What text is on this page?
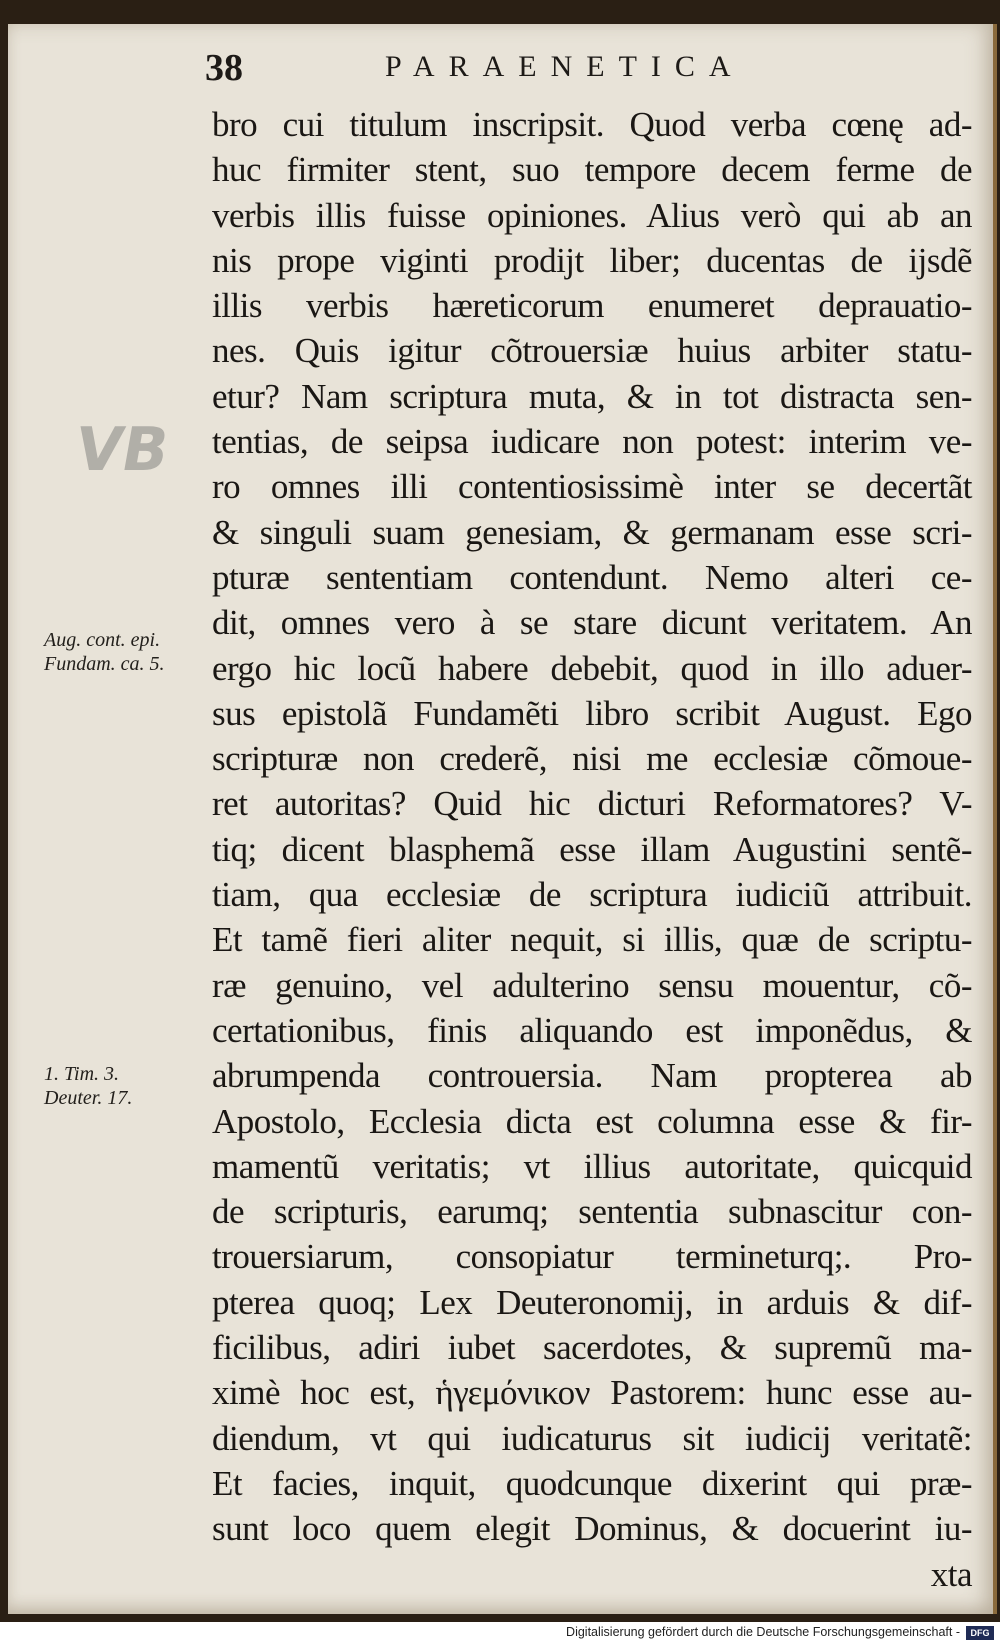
38	PARAENETICA
VB
Aug. cont. epi.
Fundam. ca. 5.
1. Tim. 3.
Deuter. 17.
bro cui titulum inscripsit. Quod verba cœnę ad-
huc firmiter stent, suo tempore decem ferme de
verbis illis fuisse opiniones. Alius verò qui ab an
nis prope viginti prodijt liber; ducentas de ijsdẽ
illis verbis hæreticorum enumeret deprauatio-
nes. Quis igitur cõtrouersiæ huius arbiter statu-
etur? Nam scriptura muta, & in tot distracta sen-
tentias, de seipsa iudicare non potest: interim ve-
ro omnes illi contentiosissimè inter se decertãt
& singuli suam genesiam, & germanam esse scri-
pturæ sententiam contendunt. Nemo alteri ce-
dit, omnes vero à se stare dicunt veritatem. An
ergo hic locũ habere debebit, quod in illo aduer-
sus epistolã Fundamẽti libro scribit August. Ego
scripturæ non crederẽ, nisi me ecclesiæ cõmoue-
ret autoritas? Quid hic dicturi Reformatores? V-
tiq; dicent blasphemã esse illam Augustini sentẽ-
tiam, qua ecclesiæ de scriptura iudiciũ attribuit.
Et tamẽ fieri aliter nequit, si illis, quæ de scriptu-
ræ genuino, vel adulterino sensu mouentur, cõ-
certationibus, finis aliquando est imponẽdus, &
abrumpenda controuersia. Nam propterea ab
Apostolo, Ecclesia dicta est columna esse & fir-
mamentũ veritatis; vt illius autoritate, quicquid
de scripturis, earumq; sententia subnascitur con-
trouersiarum, consopiatur termineturq;. Pro-
pterea quoq; Lex Deuteronomij, in arduis & dif-
ficilibus, adiri iubet sacerdotes, & supremũ ma-
ximè hoc est, ἡγεμόνικον Pastorem: hunc esse au-
diendum, vt qui iudicaturus sit iudicij veritatẽ:
Et facies, inquit, quodcunque dixerint qui præ-
sunt loco quem elegit Dominus, & docuerint iu-
xta
Digitalisierung gefördert durch die Deutsche Forschungsgemeinschaft -	DFG
